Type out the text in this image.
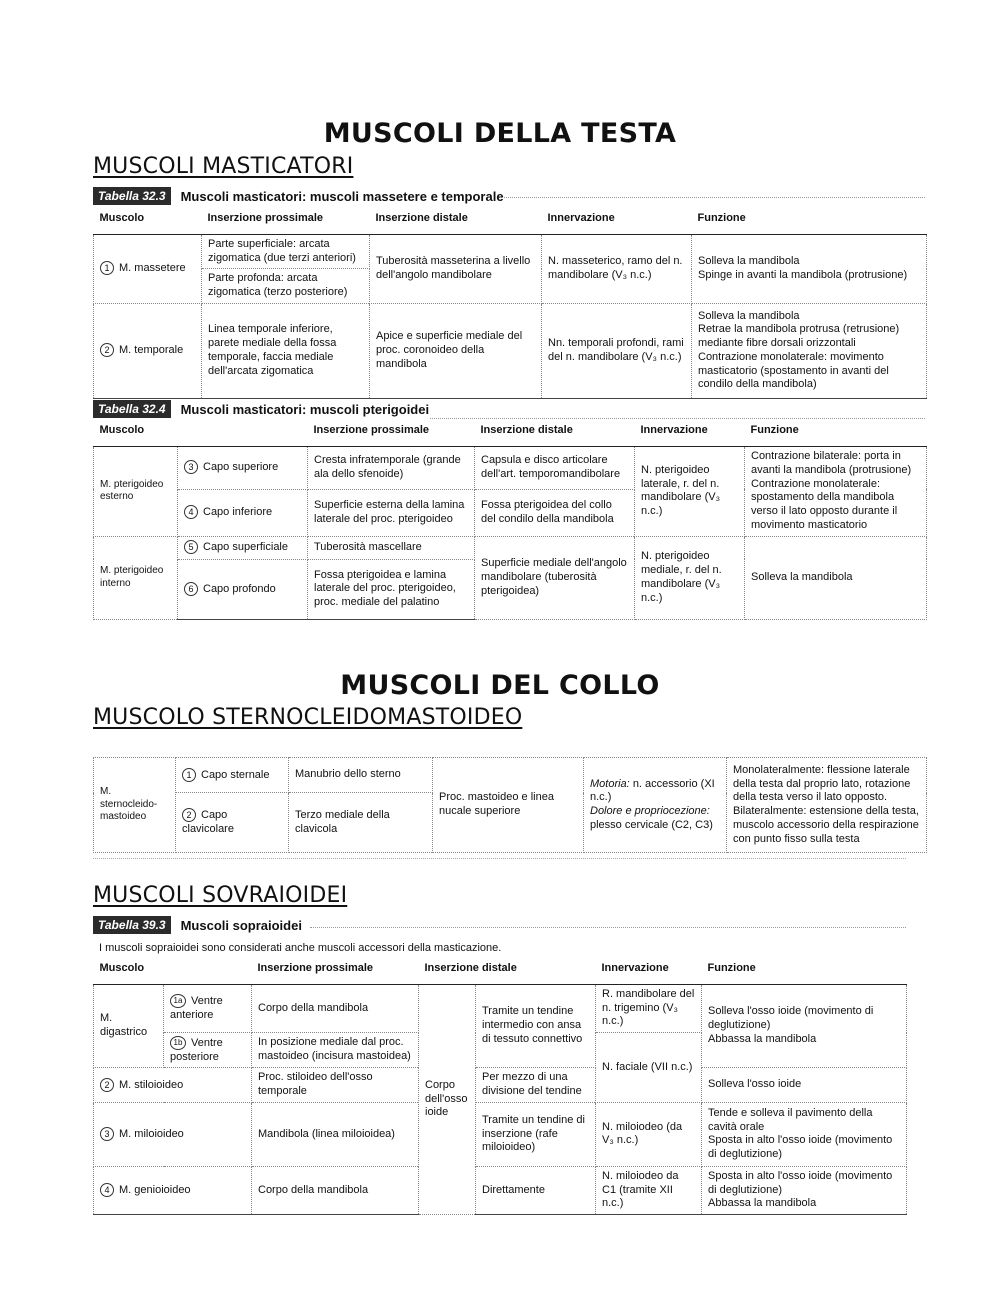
MUSCOLI DELLA TESTA
MUSCOLI MASTICATORI
Tabella 32.3	Muscoli masticatori: muscoli massetere e temporale
Muscolo	Inserzione prossimale	Inserzione distale	Innervazione	Funzione
1 M. massetere	Parte superficiale: arcata zigomatica (due terzi anteriori)	Tuberosità masseterina a livello dell'angolo mandibolare	N. masseterico, ramo del n. mandibolare (V₃ n.c.)	Solleva la mandibola
Spinge in avanti la mandibola (protrusione)
	Parte profonda: arcata zigomatica (terzo posteriore)			
2 M. temporale	Linea temporale inferiore, parete mediale della fossa temporale, faccia mediale dell'arcata zigomatica	Apice e superficie mediale del proc. coronoideo della mandibola	Nn. temporali profondi, rami del n. mandibolare (V₃ n.c.)	Solleva la mandibola
Retrae la mandibola protrusa (retrusione) mediante fibre dorsali orizzontali
Contrazione monolaterale: movimento masticatorio (spostamento in avanti del condilo della mandibola)
Tabella 32.4	Muscoli masticatori: muscoli pterigoidei
Muscolo		Inserzione prossimale	Inserzione distale	Innervazione	Funzione
M. pterigoideo esterno	3 Capo superiore	Cresta infratemporale (grande ala dello sfenoide)	Capsula e disco articolare dell'art. temporomandibolare	N. pterigoideo laterale, r. del n. mandibolare (V₃ n.c.)	Contrazione bilaterale: porta in avanti la mandibola (protrusione)
Contrazione monolaterale: spostamento della mandibola verso il lato opposto durante il movimento masticatorio
	4 Capo inferiore	Superficie esterna della lamina laterale del proc. pterigoideo	Fossa pterigoidea del collo del condilo della mandibola		
M. pterigoideo interno	5 Capo superficiale	Tuberosità mascellare	Superficie mediale dell'angolo mandibolare (tuberosità pterigoidea)	N. pterigoideo mediale, r. del n. mandibolare (V₃ n.c.)	Solleva la mandibola
	6 Capo profondo	Fossa pterigoidea e lamina laterale del proc. pterigoideo, proc. mediale del palatino			
MUSCOLI DEL COLLO
MUSCOLO STERNOCLEIDOMASTOIDEO
M. sternocleido-mastoideo	1 Capo sternale	Manubrio dello sterno	Proc. mastoideo e linea nucale superiore	Motoria: n. accessorio (XI n.c.)
Dolore e propriocezione: plesso cervicale (C2, C3)	Monolateralmente: flessione laterale della testa dal proprio lato, rotazione della testa verso il lato opposto.
Bilateralmente: estensione della testa, muscolo accessorio della respirazione con punto fisso sulla testa
	2 Capo clavicolare	Terzo mediale della clavicola			
MUSCOLI SOVRAIOIDEI
Tabella 39.3	Muscoli sopraioidei
I muscoli sopraioidei sono considerati anche muscoli accessori della masticazione.
Muscolo		Inserzione prossimale	Inserzione distale		Innervazione	Funzione
M. digastrico	1a Ventre anteriore	Corpo della mandibola	Corpo dell'osso ioide	Tramite un tendine intermedio con ansa di tessuto connettivo	R. mandibolare del n. trigemino (V₃ n.c.)	Solleva l'osso ioide (movimento di deglutizione)
Abbassa la mandibola
	1b Ventre posteriore	In posizione mediale dal proc. mastoideo (incisura mastoidea)			N. faciale (VII n.c.)	
2 M. stiloioideo		Proc. stiloideo dell'osso temporale		Per mezzo di una divisione del tendine		Solleva l'osso ioide
3 M. miloioideo		Mandibola (linea miloioidea)		Tramite un tendine di inserzione (rafe miloioideo)	N. miloiodeo (da V₃ n.c.)	Tende e solleva il pavimento della cavità orale
Sposta in alto l'osso ioide (movimento di deglutizione)
4 M. genioioideo		Corpo della mandibola		Direttamente	N. miloiodeo da C1 (tramite XII n.c.)	Sposta in alto l'osso ioide (movimento di deglutizione)
Abbassa la mandibola
